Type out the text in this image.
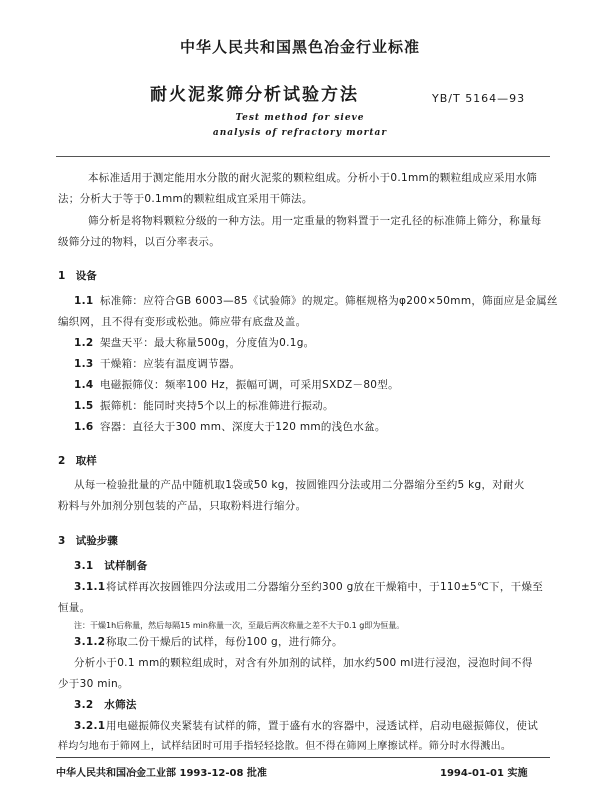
中华人民共和国黑色冶金行业标准
耐火泥浆筛分析试验方法	YB/T 5164—93
Test method for sieve
analysis of refractory mortar
本标准适用于测定能用水分散的耐火泥浆的颗粒组成。分析小于0.1mm的颗粒组成应采用水筛
法；分析大于等于0.1mm的颗粒组成宜采用干筛法。
筛分析是将物料颗粒分级的一种方法。用一定重量的物料置于一定孔径的标准筛上筛分，称量每
级筛分过的物料，以百分率表示。
1　设备
1.1 标准筛：应符合GB 6003—85《试验筛》的规定。筛框规格为φ200×50mm，筛面应是金属丝
编织网，且不得有变形或松弛。筛应带有底盘及盖。
1.2 架盘天平：最大称量500g，分度值为0.1g。
1.3 干燥箱：应装有温度调节器。
1.4 电磁振筛仪：频率100 Hz，振幅可调，可采用SXDZ－80型。
1.5 振筛机：能同时夹持5个以上的标准筛进行振动。
1.6 容器：直径大于300 mm、深度大于120 mm的浅色水盆。
2　取样
从每一检验批量的产品中随机取1袋或50 kg，按圆锥四分法或用二分器缩分至约5 kg，对耐火
粉料与外加剂分别包装的产品，只取粉料进行缩分。
3　试验步骤
3.1　试样制备
3.1.1将试样再次按圆锥四分法或用二分器缩分至约300 g放在干燥箱中，于110±5℃下，干燥至
恒量。
注：干燥1h后称量，然后每隔15 min称量一次，至最后两次称量之差不大于0.1 g即为恒量。
3.1.2称取二份干燥后的试样，每份100 g，进行筛分。
分析小于0.1 mm的颗粒组成时，对含有外加剂的试样，加水约500 ml进行浸泡，浸泡时间不得
少于30 min。
3.2　水筛法
3.2.1用电磁振筛仪夹紧装有试样的筛，置于盛有水的容器中，浸透试样，启动电磁振筛仪，使试
样均匀地布于筛网上，试样结团时可用手指轻轻捻散。但不得在筛网上摩擦试样。筛分时水得溅出。
中华人民共和国冶金工业部 1993-12-08 批准	1994-01-01 实施
